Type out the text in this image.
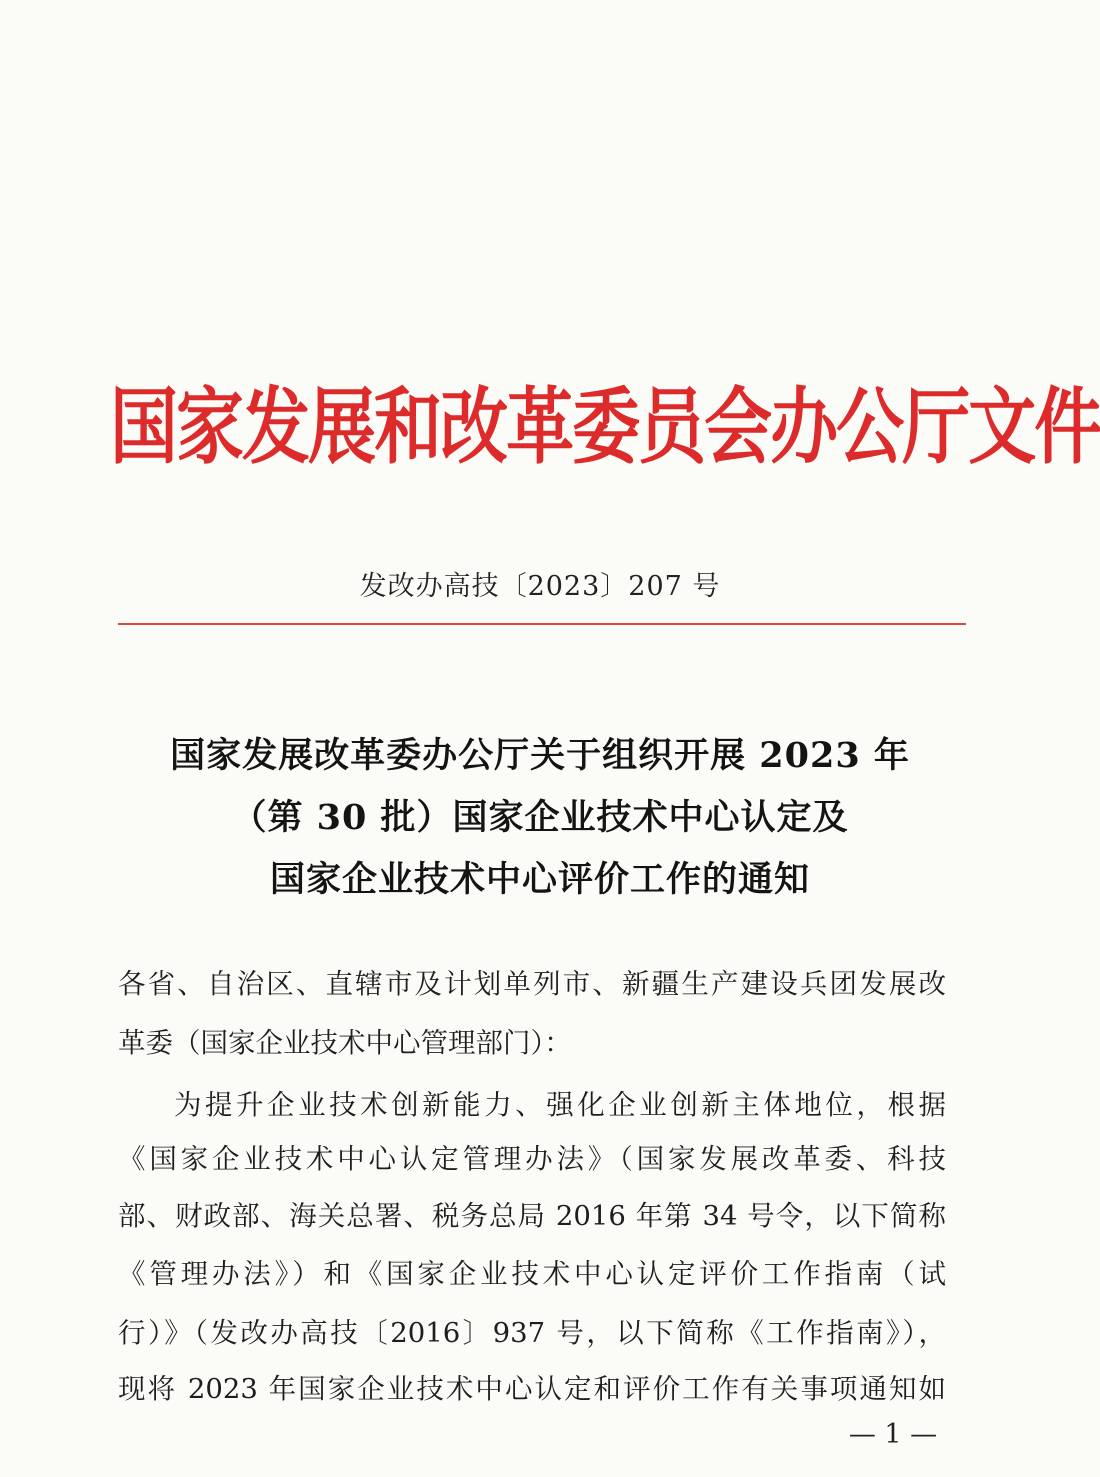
国 家 发 展 和 改 革 委 员 会 办 公 厅 文 件
发改办高技〔2023〕207 号
国家发展改革委办公厅关于组织开展 2023 年
（第 30 批）国家企业技术中心认定及
国家企业技术中心评价工作的通知
各省、自治区、直辖市及计划单列市、新疆生产建设兵团发展改
革委（国家企业技术中心管理部门）：
为提升企业技术创新能力、强化企业创新主体地位，根据
《国家企业技术中心认定管理办法》（国家发展改革委、科技
部、财政部、海关总署、税务总局 2016 年第 34 号令，以下简称
《管理办法》）和《国家企业技术中心认定评价工作指南（试
行）》（发改办高技〔2016〕937 号，以下简称《工作指南》），
现将 2023 年国家企业技术中心认定和评价工作有关事项通知如
— 1 —
